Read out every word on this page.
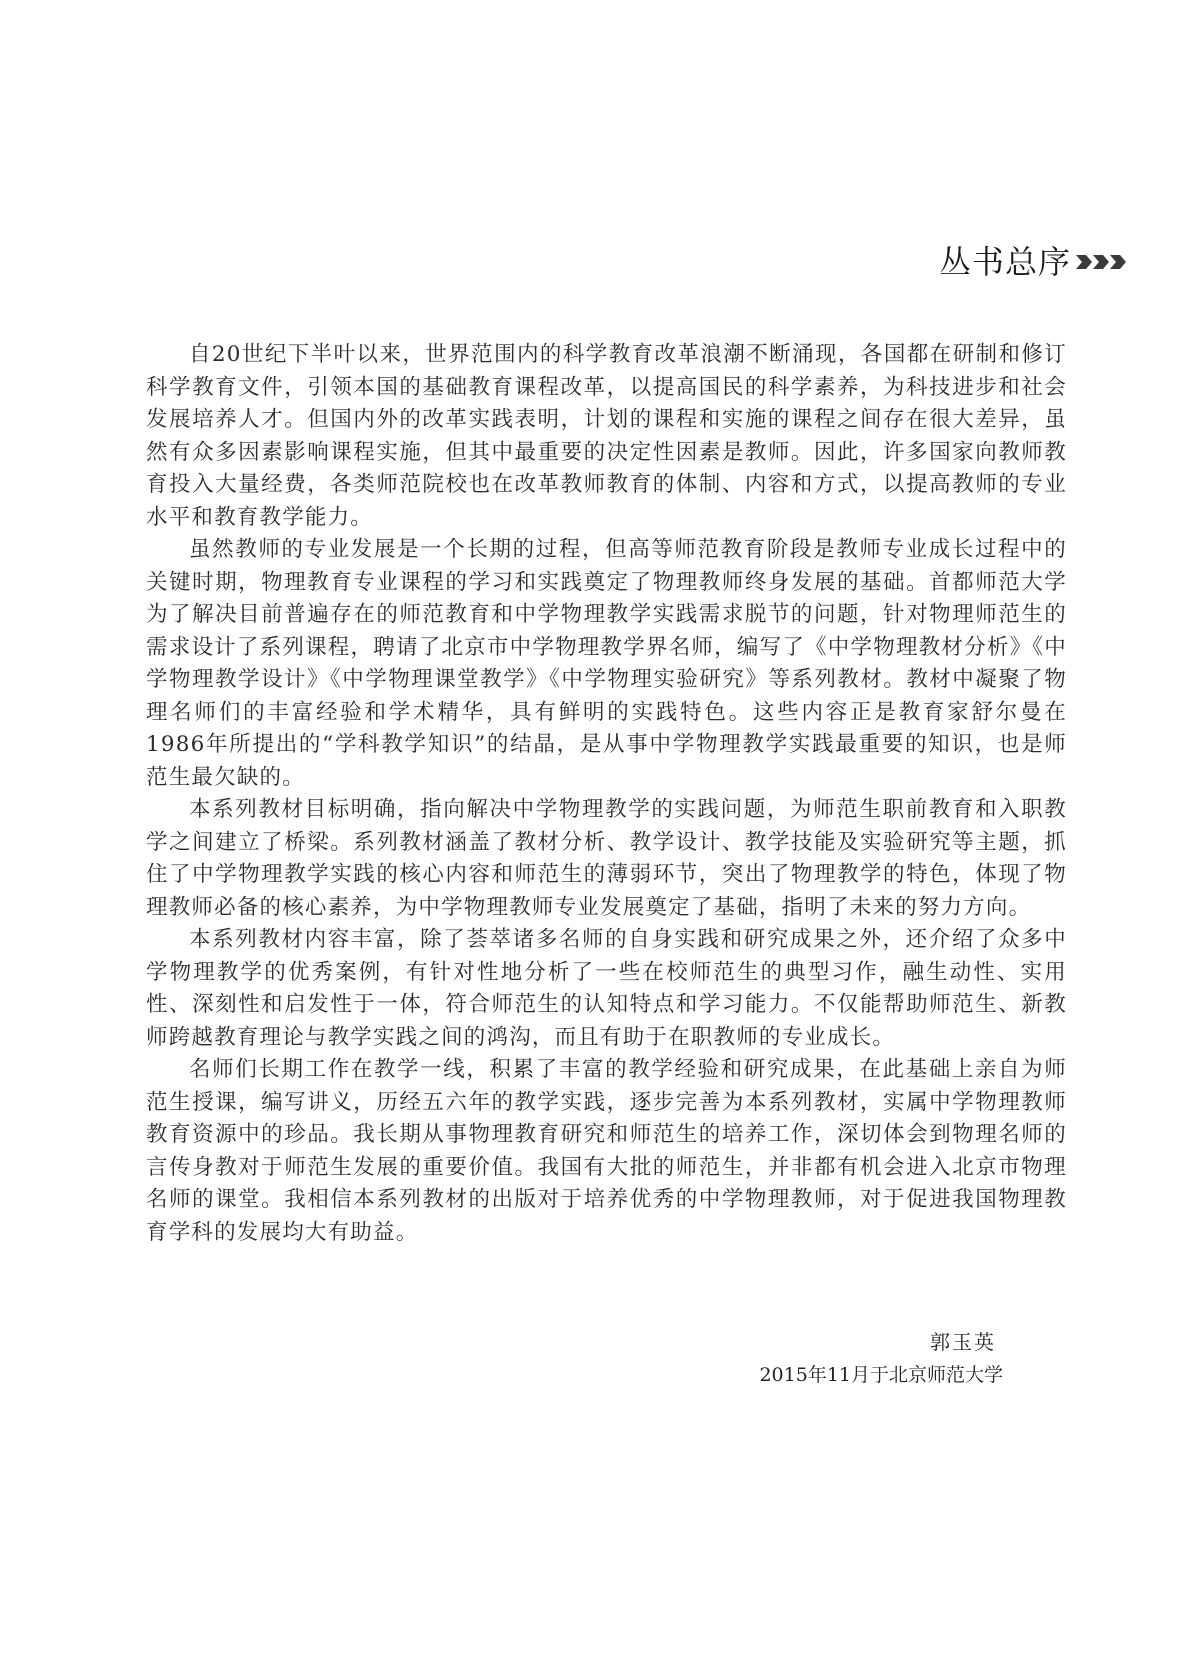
丛书总序

自20世纪下半叶以来，世界范围内的科学教育改革浪潮不断涌现，各国都在研制和修订科学教育文件，引领本国的基础教育课程改革，以提高国民的科学素养，为科技进步和社会发展培养人才。但国内外的改革实践表明，计划的课程和实施的课程之间存在很大差异，虽然有众多因素影响课程实施，但其中最重要的决定性因素是教师。因此，许多国家向教师教育投入大量经费，各类师范院校也在改革教师教育的体制、内容和方式，以提高教师的专业水平和教育教学能力。

虽然教师的专业发展是一个长期的过程，但高等师范教育阶段是教师专业成长过程中的关键时期，物理教育专业课程的学习和实践奠定了物理教师终身发展的基础。首都师范大学为了解决目前普遍存在的师范教育和中学物理教学实践需求脱节的问题，针对物理师范生的需求设计了系列课程，聘请了北京市中学物理教学界名师，编写了《中学物理教材分析》《中学物理教学设计》《中学物理课堂教学》《中学物理实验研究》等系列教材。教材中凝聚了物理名师们的丰富经验和学术精华，具有鲜明的实践特色。这些内容正是教育家舒尔曼在1986年所提出的“学科教学知识”的结晶，是从事中学物理教学实践最重要的知识，也是师范生最欠缺的。

本系列教材目标明确，指向解决中学物理教学的实践问题，为师范生职前教育和入职教学之间建立了桥梁。系列教材涵盖了教材分析、教学设计、教学技能及实验研究等主题，抓住了中学物理教学实践的核心内容和师范生的薄弱环节，突出了物理教学的特色，体现了物理教师必备的核心素养，为中学物理教师专业发展奠定了基础，指明了未来的努力方向。

本系列教材内容丰富，除了荟萃诸多名师的自身实践和研究成果之外，还介绍了众多中学物理教学的优秀案例，有针对性地分析了一些在校师范生的典型习作，融生动性、实用性、深刻性和启发性于一体，符合师范生的认知特点和学习能力。不仅能帮助师范生、新教师跨越教育理论与教学实践之间的鸿沟，而且有助于在职教师的专业成长。

名师们长期工作在教学一线，积累了丰富的教学经验和研究成果，在此基础上亲自为师范生授课，编写讲义，历经五六年的教学实践，逐步完善为本系列教材，实属中学物理教师教育资源中的珍品。我长期从事物理教育研究和师范生的培养工作，深切体会到物理名师的言传身教对于师范生发展的重要价值。我国有大批的师范生，并非都有机会进入北京市物理名师的课堂。我相信本系列教材的出版对于培养优秀的中学物理教师，对于促进我国物理教育学科的发展均大有助益。

郭玉英
2015年11月于北京师范大学
